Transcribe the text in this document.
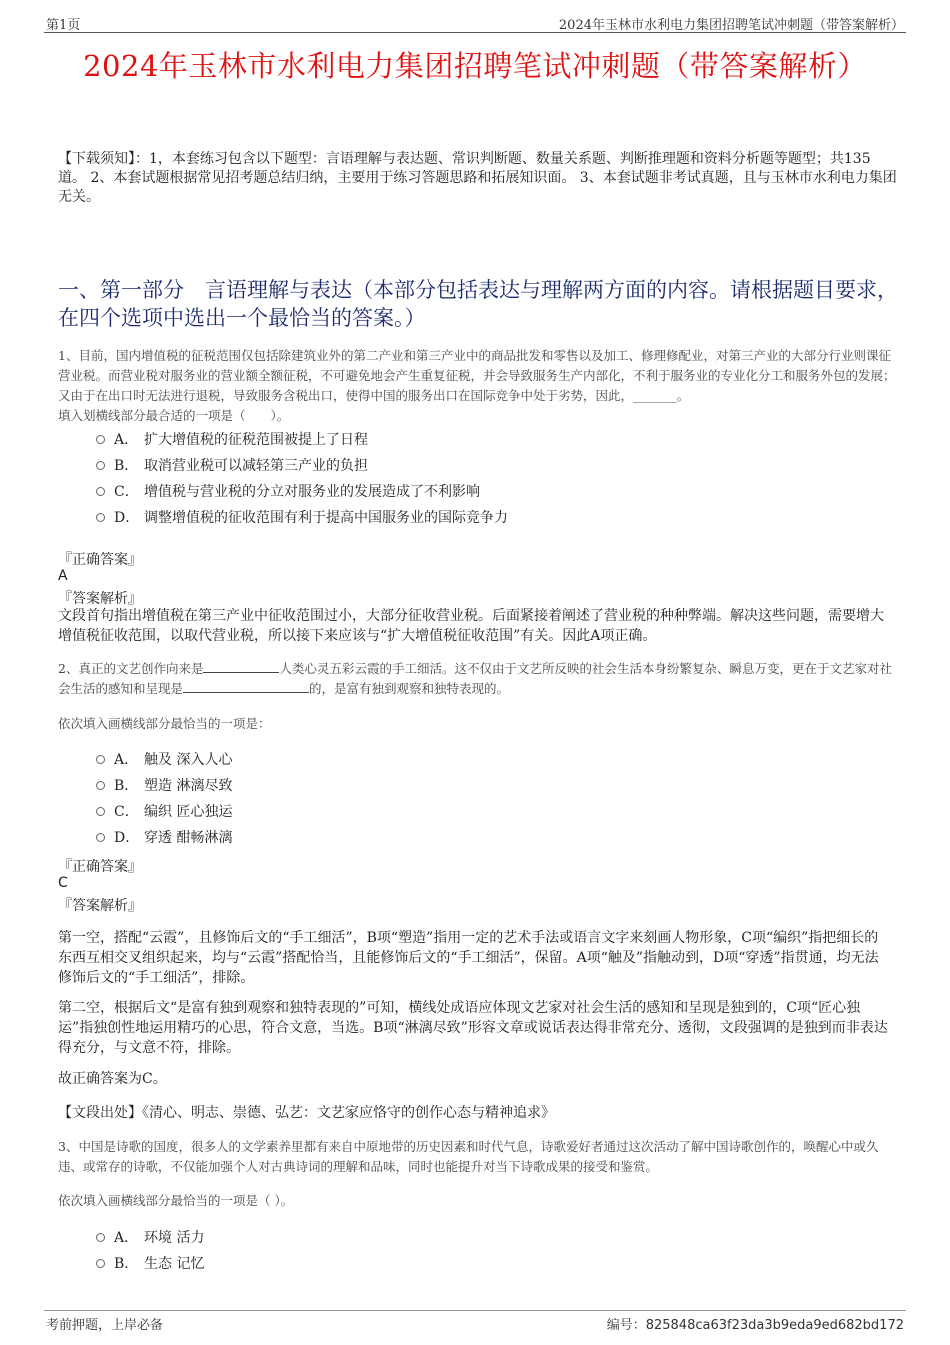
第1页	2024年玉林市水利电力集团招聘笔试冲刺题（带答案解析）
2024年玉林市水利电力集团招聘笔试冲刺题（带答案解析）
【下载须知】：1，本套练习包含以下题型：言语理解与表达题、常识判断题、数量关系题、判断推理题和资料分析题等题型；共135道。 2、本套试题根据常见招考题总结归纳，主要用于练习答题思路和拓展知识面。 3、本套试题非考试真题，且与玉林市水利电力集团无关。
一、第一部分　言语理解与表达（本部分包括表达与理解两方面的内容。请根据题目要求，在四个选项中选出一个最恰当的答案。）
1、目前，国内增值税的征税范围仅包括除建筑业外的第二产业和第三产业中的商品批发和零售以及加工、修理修配业，对第三产业的大部分行业则课征营业税。而营业税对服务业的营业额全额征税，不可避免地会产生重复征税，并会导致服务生产内部化，不利于服务业的专业化分工和服务外包的发展；又由于在出口时无法进行退税，导致服务含税出口，使得中国的服务出口在国际竞争中处于劣势，因此，_______。
填入划横线部分最合适的一项是（　　）。
A． 扩大增值税的征税范围被提上了日程
B． 取消营业税可以减轻第三产业的负担
C． 增值税与营业税的分立对服务业的发展造成了不利影响
D． 调整增值税的征收范围有利于提高中国服务业的国际竞争力
『正确答案』
A
『答案解析』
文段首句指出增值税在第三产业中征收范围过小，大部分征收营业税。后面紧接着阐述了营业税的种种弊端。解决这些问题，需要增大增值税征收范围，以取代营业税，所以接下来应该与“扩大增值税征收范围”有关。因此A项正确。
2、真正的文艺创作向来是	人类心灵五彩云霞的手工细活。这不仅由于文艺所反映的社会生活本身纷繁复杂、瞬息万变，更在于文艺家对社会生活的感知和呈现是	的，是富有独到观察和独特表现的。
依次填入画横线部分最恰当的一项是：
A． 触及 深入人心
B． 塑造 淋漓尽致
C． 编织 匠心独运
D． 穿透 酣畅淋漓
『正确答案』
C
『答案解析』
第一空，搭配“云霞”，且修饰后文的“手工细活”，B项“塑造”指用一定的艺术手法或语言文字来刻画人物形象，C项“编织”指把细长的东西互相交叉组织起来，均与“云霞”搭配恰当，且能修饰后文的“手工细活”，保留。A项“触及”指触动到，D项“穿透”指贯通，均无法修饰后文的“手工细活”，排除。
第二空，根据后文“是富有独到观察和独特表现的”可知，横线处成语应体现文艺家对社会生活的感知和呈现是独到的，C项“匠心独运”指独创性地运用精巧的心思，符合文意，当选。B项“淋漓尽致”形容文章或说话表达得非常充分、透彻，文段强调的是独到而非表达得充分，与文意不符，排除。
故正确答案为C。
【文段出处】《清心、明志、崇德、弘艺：文艺家应恪守的创作心态与精神追求》
3、中国是诗歌的国度，很多人的文学素养里都有来自中原地带的历史因素和时代气息，诗歌爱好者通过这次活动了解中国诗歌创作的，唤醒心中或久违、或常存的诗歌，不仅能加强个人对古典诗词的理解和品味，同时也能提升对当下诗歌成果的接受和鉴赏。
依次填入画横线部分最恰当的一项是（ ）。
A． 环境 活力
B． 生态 记忆
考前押题，上岸必备	编号：825848ca63f23da3b9eda9ed682bd172
